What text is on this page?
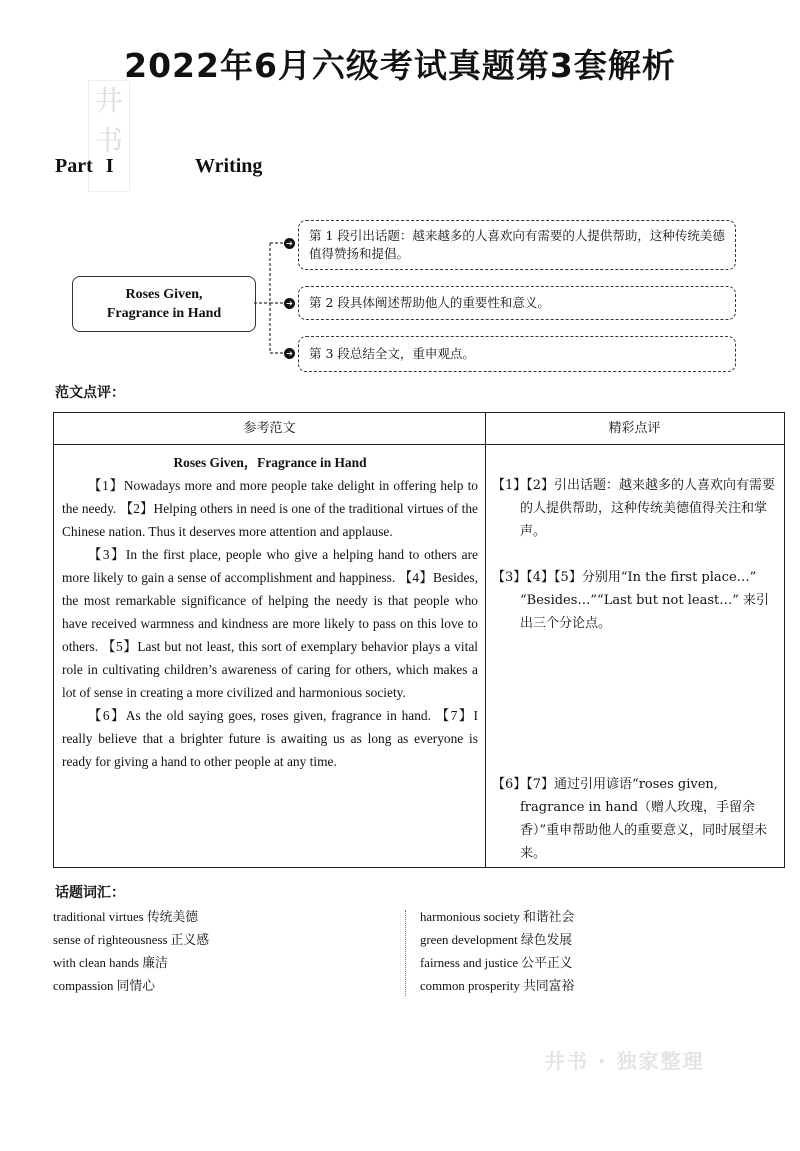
2022年6月六级考试真题第3套解析
井书
Part I	Writing
➔
➔
➔
Roses Given,
Fragrance in Hand
第 1 段引出话题：越来越多的人喜欢向有需要的人提供帮助，这种传统美德值得赞扬和提倡。
第 2 段具体阐述帮助他人的重要性和意义。
第 3 段总结全文，重申观点。
范文点评：
参考范文	精彩点评
Roses Given，Fragrance in Hand

【1】Nowadays more and more people take delight in offering help to the needy. 【2】Helping others in need is one of the traditional virtues of the Chinese nation. Thus it deserves more attention and applause.

【3】In the first place, people who give a helping hand to others are more likely to gain a sense of accomplishment and happiness. 【4】Besides, the most remarkable significance of helping the needy is that people who have received warmness and kindness are more likely to pass on this love to others. 【5】Last but not least, this sort of exemplary behavior plays a vital role in cultivating children’s awareness of caring for others, which makes a lot of sense in creating a more civilized and harmonious society.

【6】As the old saying goes, roses given, fragrance in hand. 【7】I really believe that a brighter future is awaiting us as long as everyone is ready for giving a hand to other people at any time.

【1】【2】引出话题：越来越多的人喜欢向有需要的人提供帮助，这种传统美德值得关注和掌声。
【3】【4】【5】分别用“In the first place…” “Besides…”“Last but not least…” 来引出三个分论点。
【6】【7】通过引用谚语“roses given, fragrance in hand（赠人玫瑰，手留余香）”重申帮助他人的重要意义，同时展望未来。
话题词汇：
traditional virtues 传统美德
sense of righteousness 正义感
with clean hands 廉洁
compassion 同情心
harmonious society 和谐社会
green development 绿色发展
fairness and justice 公平正义
common prosperity 共同富裕
井书 · 独家整理
